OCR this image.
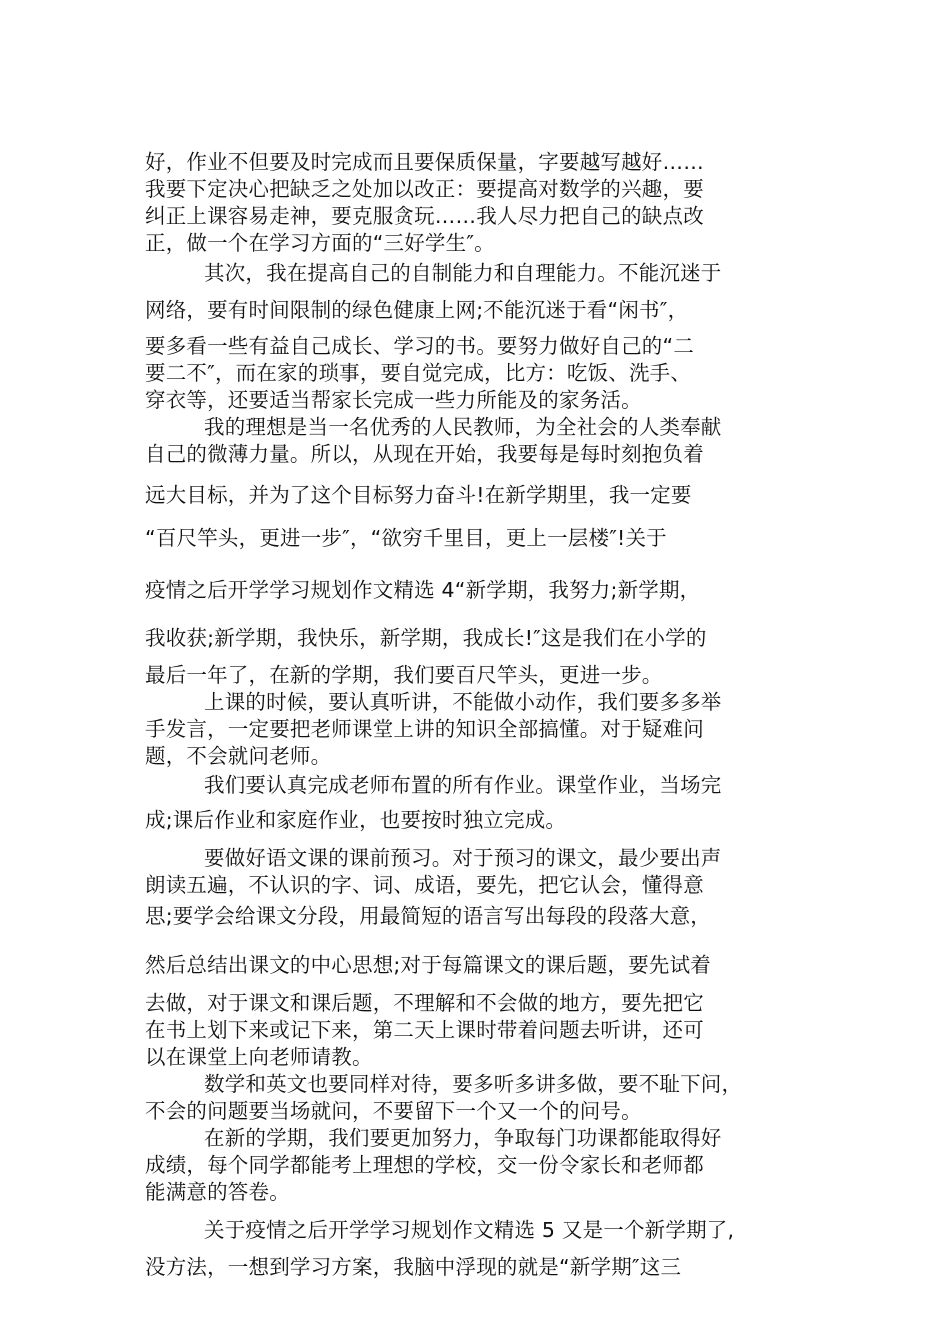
好，作业不但要及时完成而且要保质保量，字要越写越好……
我要下定决心把缺乏之处加以改正：要提高对数学的兴趣，要
纠正上课容易走神，要克服贪玩……我人尽力把自己的缺点改
正，做一个在学习方面的“三好学生″。
其次，我在提高自己的自制能力和自理能力。不能沉迷于
网络，要有时间限制的绿色健康上网;不能沉迷于看“闲书″，
要多看一些有益自己成长、学习的书。要努力做好自己的“二
要二不″，而在家的琐事，要自觉完成，比方：吃饭、洗手、
穿衣等，还要适当帮家长完成一些力所能及的家务活。
我的理想是当一名优秀的人民教师，为全社会的人类奉献
自己的微薄力量。所以，从现在开始，我要每是每时刻抱负着
远大目标，并为了这个目标努力奋斗!在新学期里，我一定要
“百尺竿头，更进一步″，“欲穷千里目，更上一层楼″!关于
疫情之后开学学习规划作文精选 4“新学期，我努力;新学期，
我收获;新学期，我快乐，新学期，我成长!″这是我们在小学的
最后一年了，在新的学期，我们要百尺竿头，更进一步。
上课的时候，要认真听讲，不能做小动作，我们要多多举
手发言，一定要把老师课堂上讲的知识全部搞懂。对于疑难问
题，不会就问老师。
我们要认真完成老师布置的所有作业。课堂作业，当场完
成;课后作业和家庭作业，也要按时独立完成。
要做好语文课的课前预习。对于预习的课文，最少要出声
朗读五遍，不认识的字、词、成语，要先，把它认会，懂得意
思;要学会给课文分段，用最简短的语言写出每段的段落大意，
然后总结出课文的中心思想;对于每篇课文的课后题，要先试着
去做，对于课文和课后题，不理解和不会做的地方，要先把它
在书上划下来或记下来，第二天上课时带着问题去听讲，还可
以在课堂上向老师请教。
数学和英文也要同样对待，要多听多讲多做，要不耻下问，
不会的问题要当场就问，不要留下一个又一个的问号。
在新的学期，我们要更加努力，争取每门功课都能取得好
成绩，每个同学都能考上理想的学校，交一份令家长和老师都
能满意的答卷。
关于疫情之后开学学习规划作文精选 5 又是一个新学期了,
没方法，一想到学习方案，我脑中浮现的就是“新学期″这三
